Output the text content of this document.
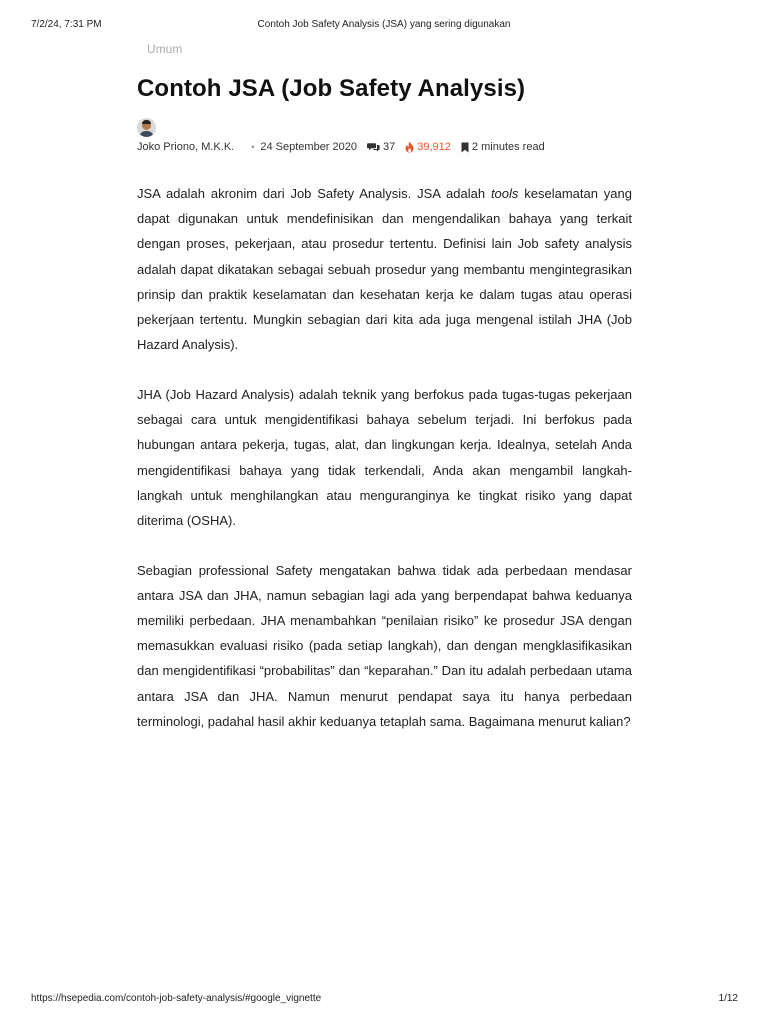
7/2/24, 7:31 PM	Contoh Job Safety Analysis (JSA) yang sering digunakan
Umum
Contoh JSA (Job Safety Analysis)
Joko Priono, M.K.K. • 24 September 2020 37 39,912 2 minutes read

JSA adalah akronim dari Job Safety Analysis. JSA adalah tools keselamatan yang dapat digunakan untuk mendefinisikan dan mengendalikan bahaya yang terkait dengan proses, pekerjaan, atau prosedur tertentu. Definisi lain Job safety analysis adalah dapat dikatakan sebagai sebuah prosedur yang membantu mengintegrasikan prinsip dan praktik keselamatan dan kesehatan kerja ke dalam tugas atau operasi pekerjaan tertentu. Mungkin sebagian dari kita ada juga mengenal istilah JHA (Job Hazard Analysis).

JHA (Job Hazard Analysis) adalah teknik yang berfokus pada tugas-tugas pekerjaan sebagai cara untuk mengidentifikasi bahaya sebelum terjadi. Ini berfokus pada hubungan antara pekerja, tugas, alat, dan lingkungan kerja. Idealnya, setelah Anda mengidentifikasi bahaya yang tidak terkendali, Anda akan mengambil langkah-langkah untuk menghilangkan atau menguranginya ke tingkat risiko yang dapat diterima (OSHA).

Sebagian professional Safety mengatakan bahwa tidak ada perbedaan mendasar antara JSA dan JHA, namun sebagian lagi ada yang berpendapat bahwa keduanya memiliki perbedaan. JHA menambahkan “penilaian risiko” ke prosedur JSA dengan memasukkan evaluasi risiko (pada setiap langkah), dan dengan mengklasifikasikan dan mengidentifikasi “probabilitas” dan “keparahan.” Dan itu adalah perbedaan utama antara JSA dan JHA. Namun menurut pendapat saya itu hanya perbedaan terminologi, padahal hasil akhir keduanya tetaplah sama. Bagaimana menurut kalian?

https://hsepedia.com/contoh-job-safety-analysis/#google_vignette	1/12
